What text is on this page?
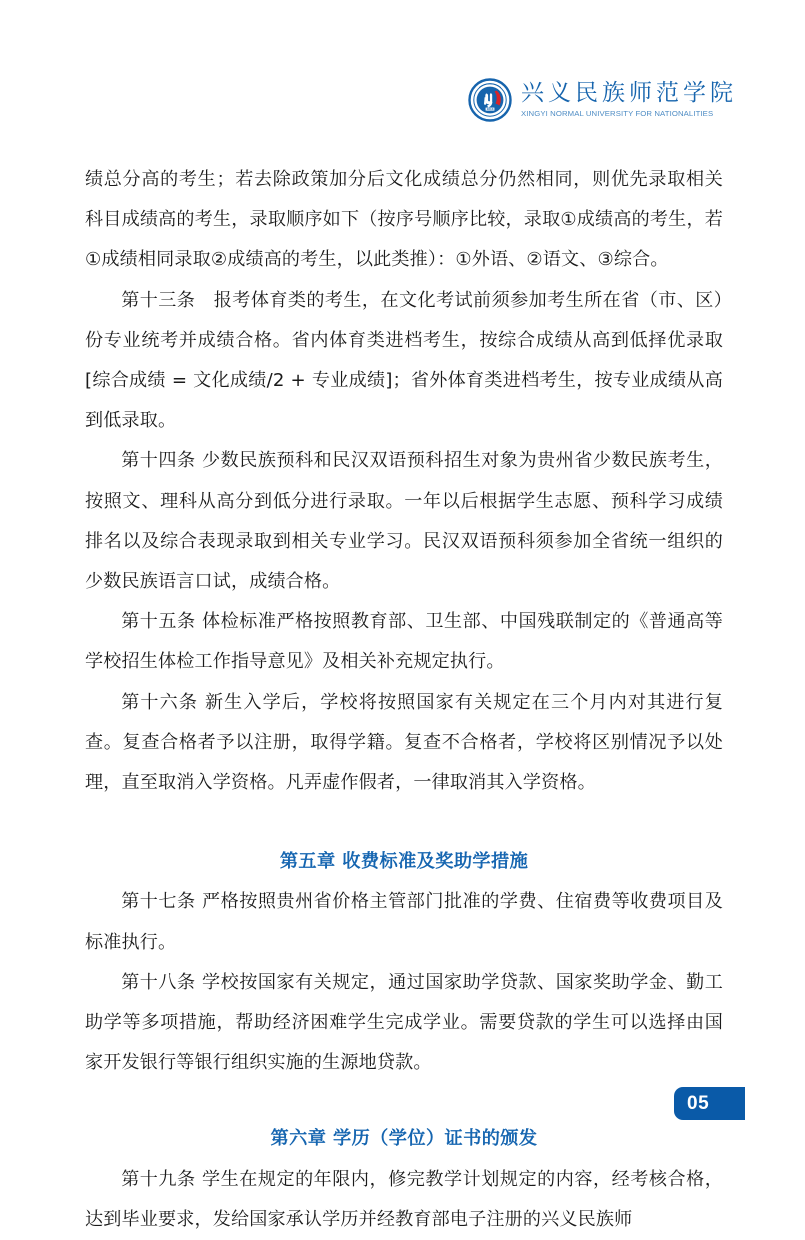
1813
兴义民族师范学院
XINGYI NORMAL UNIVERSITY FOR NATIONALITIES

绩总分高的考生；若去除政策加分后文化成绩总分仍然相同，则优先录取相关科目成绩高的考生，录取顺序如下（按序号顺序比较，录取①成绩高的考生，若①成绩相同录取②成绩高的考生，以此类推）：①外语、②语文、③综合。

第十三条　报考体育类的考生，在文化考试前须参加考生所在省（市、区）份专业统考并成绩合格。省内体育类进档考生，按综合成绩从高到低择优录取[综合成绩 = 文化成绩/2 + 专业成绩]；省外体育类进档考生，按专业成绩从高到低录取。

第十四条 少数民族预科和民汉双语预科招生对象为贵州省少数民族考生，按照文、理科从高分到低分进行录取。一年以后根据学生志愿、预科学习成绩排名以及综合表现录取到相关专业学习。民汉双语预科须参加全省统一组织的少数民族语言口试，成绩合格。

第十五条 体检标准严格按照教育部、卫生部、中国残联制定的《普通高等学校招生体检工作指导意见》及相关补充规定执行。

第十六条 新生入学后，学校将按照国家有关规定在三个月内对其进行复查。复查合格者予以注册，取得学籍。复查不合格者，学校将区别情况予以处理，直至取消入学资格。凡弄虚作假者，一律取消其入学资格。

第五章 收费标准及奖助学措施

第十七条 严格按照贵州省价格主管部门批准的学费、住宿费等收费项目及标准执行。

第十八条 学校按国家有关规定，通过国家助学贷款、国家奖助学金、勤工助学等多项措施，帮助经济困难学生完成学业。需要贷款的学生可以选择由国家开发银行等银行组织实施的生源地贷款。

第六章 学历（学位）证书的颁发

第十九条 学生在规定的年限内，修完教学计划规定的内容，经考核合格，达到毕业要求，发给国家承认学历并经教育部电子注册的兴义民族师

05
